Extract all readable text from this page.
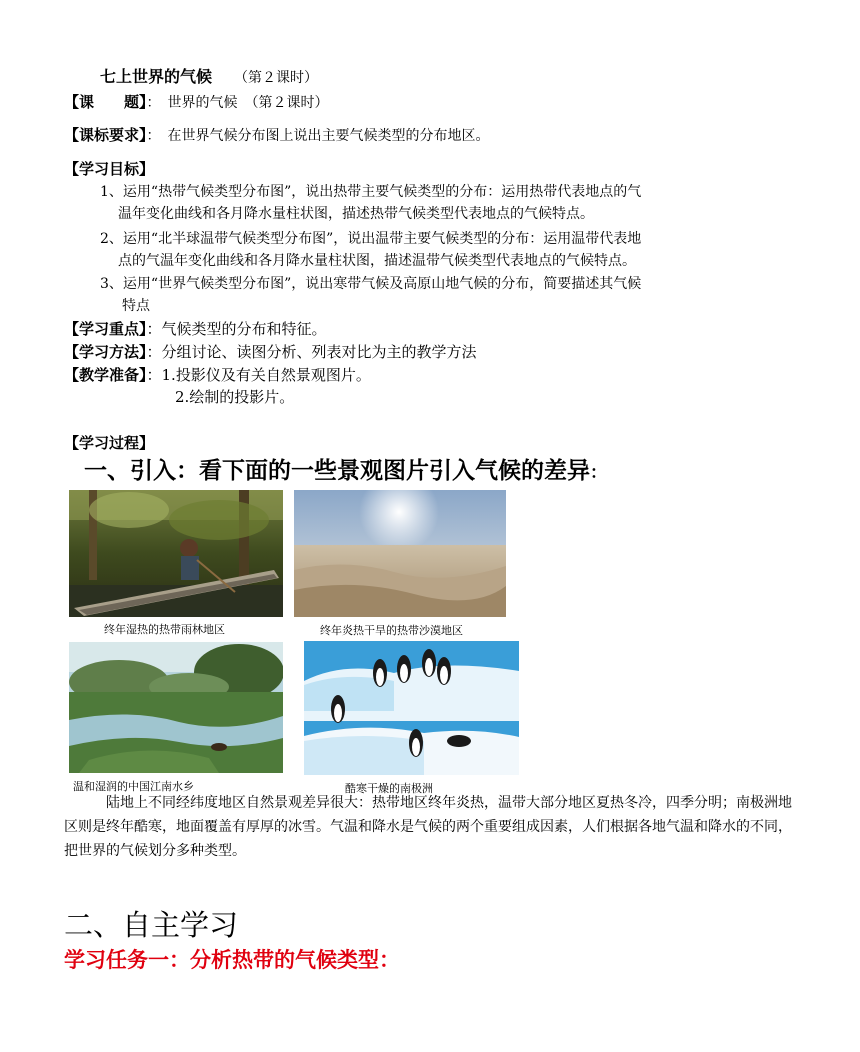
七上世界的气候 （第２课时）
【课　　题】：　世界的气候　（第２课时）
【课标要求】：　在世界气候分布图上说出主要气候类型的分布地区。
【学习目标】
1、运用“热带气候类型分布图”，说出热带主要气候类型的分布：运用热带代表地点的气
温年变化曲线和各月降水量柱状图，描述热带气候类型代表地点的气候特点。
2、运用“北半球温带气候类型分布图”，说出温带主要气候类型的分布：运用温带代表地
点的气温年变化曲线和各月降水量柱状图，描述温带气候类型代表地点的气候特点。
3、运用“世界气候类型分布图”，说出寒带气候及高原山地气候的分布，简要描述其气候
特点
【学习重点】：气候类型的分布和特征。
【学习方法】：分组讨论、读图分析、列表对比为主的教学方法
【教学准备】：1.投影仪及有关自然景观图片。
2.绘制的投影片。
【学习过程】
一、引入：看下面的一些景观图片引入气候的差异：
终年湿热的热带雨林地区	终年炎热干旱的热带沙漠地区
温和湿润的中国江南水乡	酷寒干燥的南极洲
陆地上不同经纬度地区自然景观差异很大：热带地区终年炎热，温带大部分地区夏热冬冷，四季分明；南极洲地区则是终年酷寒，地面覆盖有厚厚的冰雪。气温和降水是气候的两个重要组成因素，人们根据各地气温和降水的不同，把世界的气候划分多种类型。
二、自主学习
学习任务一：分析热带的气候类型：
